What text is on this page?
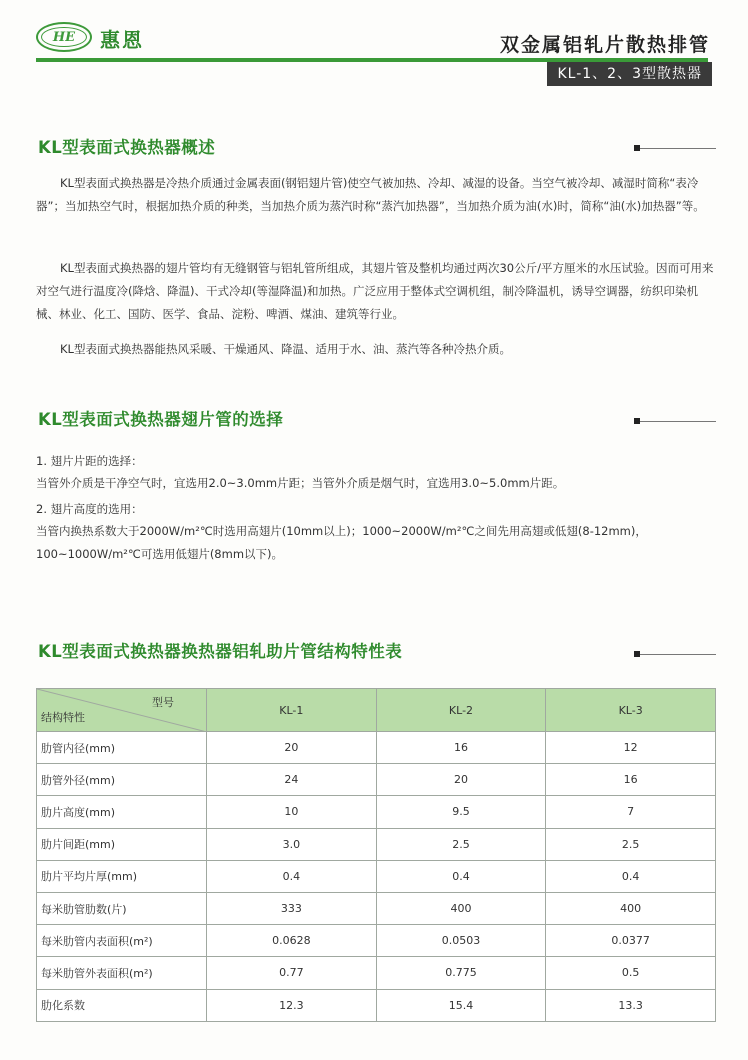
HE	惠恩	双金属铝轧片散热排管
KL-1、2、3型散热器
KL型表面式换热器概述
KL型表面式换热器是冷热介质通过金属表面(钢铝翅片管)使空气被加热、冷却、减湿的设备。当空气被冷却、减湿时简称“表冷器”；当加热空气时，根据加热介质的种类，当加热介质为蒸汽时称“蒸汽加热器”，当加热介质为油(水)时，简称“油(水)加热器”等。
KL型表面式换热器的翅片管均有无缝钢管与铝轧管所组成，其翅片管及整机均通过两次30公斤/平方厘米的水压试验。因而可用来对空气进行温度冷(降焓、降温)、干式冷却(等湿降温)和加热。广泛应用于整体式空调机组，制冷降温机，诱导空调器，纺织印染机械、林业、化工、国防、医学、食品、淀粉、啤酒、煤油、建筑等行业。
KL型表面式换热器能热风采暖、干燥通风、降温、适用于水、油、蒸汽等各种冷热介质。
KL型表面式换热器翅片管的选择
1. 翅片片距的选择：
当管外介质是干净空气时，宜选用2.0~3.0mm片距；当管外介质是烟气时，宜选用3.0~5.0mm片距。
2. 翅片高度的选用：
当管内换热系数大于2000W/m²℃时选用高翅片(10mm以上)；1000~2000W/m²℃之间先用高翅或低翅(8-12mm)，100~1000W/m²℃可选用低翅片(8mm以下)。
KL型表面式换热器换热器铝轧助片管结构特性表
型号
结构特性	KL-1	KL-2	KL-3
肋管内径(mm)	20	16	12
肋管外径(mm)	24	20	16
肋片高度(mm)	10	9.5	7
肋片间距(mm)	3.0	2.5	2.5
肋片平均片厚(mm)	0.4	0.4	0.4
每米肋管肋数(片)	333	400	400
每米肋管内表面积(m²)	0.0628	0.0503	0.0377
每米肋管外表面积(m²)	0.77	0.775	0.5
肋化系数	12.3	15.4	13.3
